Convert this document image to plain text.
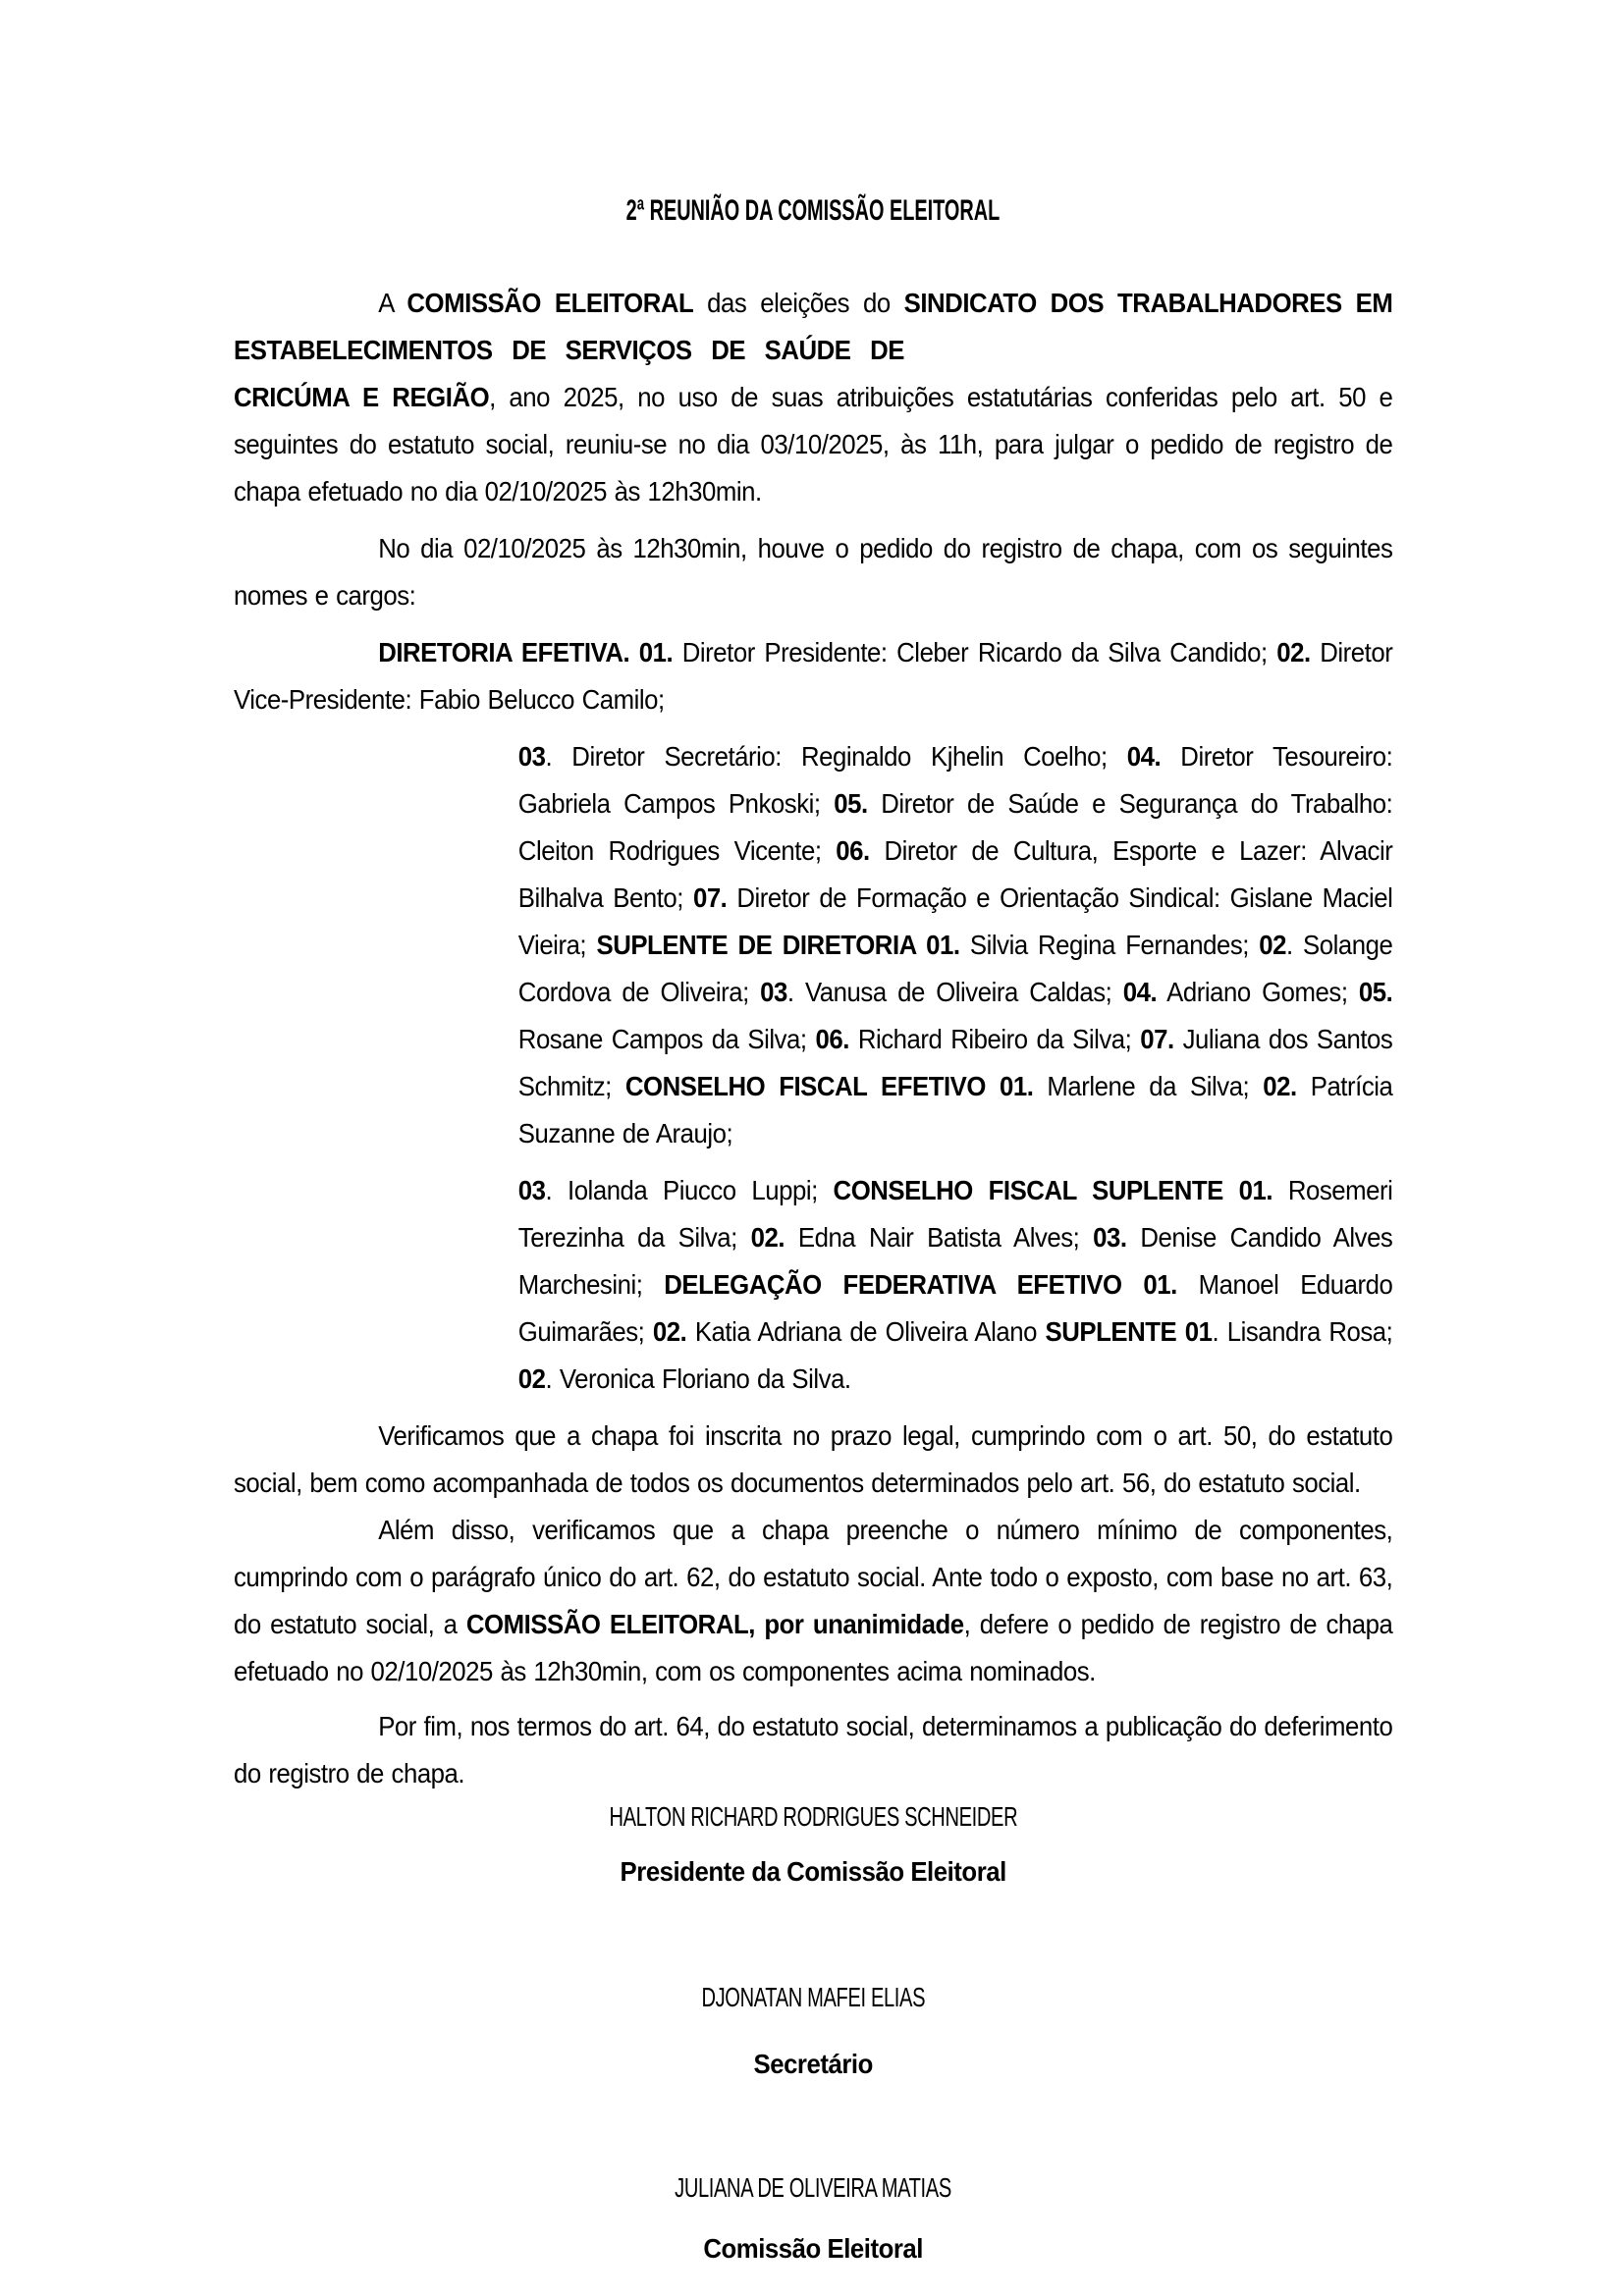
2ª REUNIÃO DA COMISSÃO ELEITORAL
A COMISSÃO ELEITORAL das eleições do SINDICATO DOS TRABALHADORES EM ESTABELECIMENTOS DE SERVIÇOS DE SAÚDE DE
CRICÚMA E REGIÃO, ano 2025, no uso de suas atribuições estatutárias conferidas pelo art. 50 e seguintes do estatuto social, reuniu-se no dia 03/10/2025, às 11h, para julgar o pedido de registro de chapa efetuado no dia 02/10/2025 às 12h30min.
No dia 02/10/2025 às 12h30min, houve o pedido do registro de chapa, com os seguintes nomes e cargos:
DIRETORIA EFETIVA. 01. Diretor Presidente: Cleber Ricardo da Silva Candido; 02. Diretor Vice-Presidente: Fabio Belucco Camilo;
03. Diretor Secretário: Reginaldo Kjhelin Coelho; 04. Diretor Tesoureiro: Gabriela Campos Pnkoski; 05. Diretor de Saúde e Segurança do Trabalho: Cleiton Rodrigues Vicente; 06. Diretor de Cultura, Esporte e Lazer: Alvacir Bilhalva Bento; 07. Diretor de Formação e Orientação Sindical: Gislane Maciel Vieira; SUPLENTE DE DIRETORIA 01. Silvia Regina Fernandes; 02. Solange Cordova de Oliveira; 03. Vanusa de Oliveira Caldas; 04. Adriano Gomes; 05. Rosane Campos da Silva; 06. Richard Ribeiro da Silva; 07. Juliana dos Santos Schmitz; CONSELHO FISCAL EFETIVO 01. Marlene da Silva; 02. Patrícia Suzanne de Araujo;
03. Iolanda Piucco Luppi; CONSELHO FISCAL SUPLENTE 01. Rosemeri Terezinha da Silva; 02. Edna Nair Batista Alves; 03. Denise Candido Alves Marchesini; DELEGAÇÃO FEDERATIVA EFETIVO 01. Manoel Eduardo Guimarães; 02. Katia Adriana de Oliveira Alano SUPLENTE 01. Lisandra Rosa; 02. Veronica Floriano da Silva.
Verificamos que a chapa foi inscrita no prazo legal, cumprindo com o art. 50, do estatuto social, bem como acompanhada de todos os documentos determinados pelo art. 56, do estatuto social.
Além disso, verificamos que a chapa preenche o número mínimo de componentes, cumprindo com o parágrafo único do art. 62, do estatuto social. Ante todo o exposto, com base no art. 63, do estatuto social, a COMISSÃO ELEITORAL, por unanimidade, defere o pedido de registro de chapa efetuado no 02/10/2025 às 12h30min, com os componentes acima nominados.
Por fim, nos termos do art. 64, do estatuto social, determinamos a publicação do deferimento do registro de chapa.
HALTON RICHARD RODRIGUES SCHNEIDER
Presidente da Comissão Eleitoral
DJONATAN MAFEI ELIAS
Secretário
JULIANA DE OLIVEIRA MATIAS
Comissão Eleitoral
